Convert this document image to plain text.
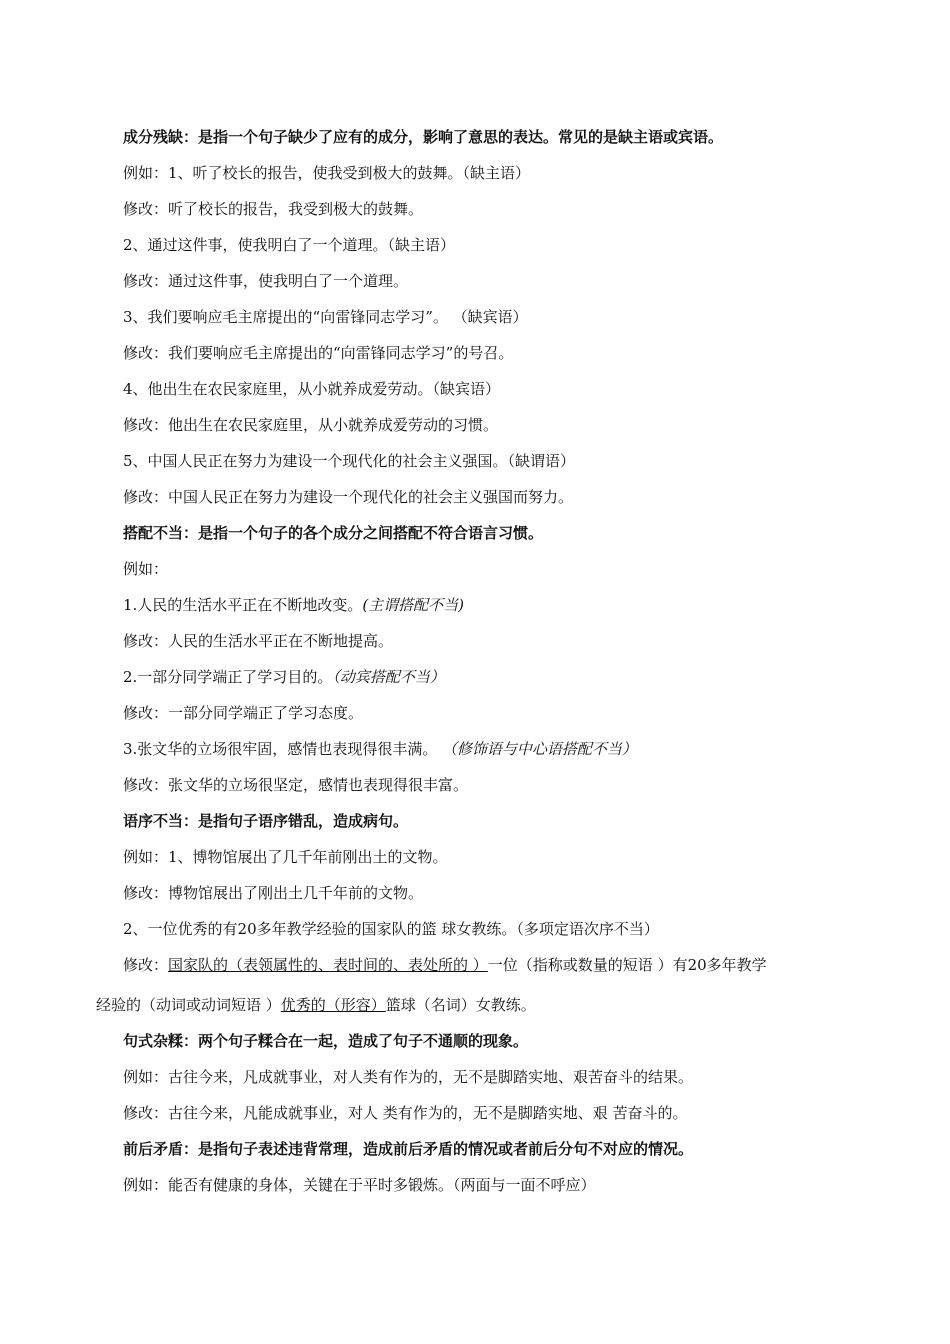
成分残缺：是指一个句子缺少了应有的成分，影响了意思的表达。常见的是缺主语或宾语。
例如：1、听了校长的报告，使我受到极大的鼓舞。（缺主语）
修改：听了校长的报告，我受到极大的鼓舞。
2、通过这件事，使我明白了一个道理。（缺主语）
修改：通过这件事，使我明白了一个道理。
3、我们要响应毛主席提出的“向雷锋同志学习”。 （缺宾语）
修改：我们要响应毛主席提出的“向雷锋同志学习”的号召。
4、他出生在农民家庭里，从小就养成爱劳动。（缺宾语）
修改：他出生在农民家庭里，从小就养成爱劳动的习惯。
5、中国人民正在努力为建设一个现代化的社会主义强国。（缺谓语）
修改：中国人民正在努力为建设一个现代化的社会主义强国而努力。
搭配不当：是指一个句子的各个成分之间搭配不符合语言习惯。
例如：
1.人民的生活水平正在不断地改变。(主谓搭配不当)
修改：人民的生活水平正在不断地提高。
2.一部分同学端正了学习目的。（动宾搭配不当）
修改：一部分同学端正了学习态度。
3.张文华的立场很牢固，感情也表现得很丰满。 （修饰语与中心语搭配不当）
修改：张文华的立场很坚定，感情也表现得很丰富。
语序不当：是指句子语序错乱，造成病句。
例如：1、博物馆展出了几千年前刚出土的文物。
修改：博物馆展出了刚出土几千年前的文物。
2、一位优秀的有20多年教学经验的国家队的篮 球女教练。（多项定语次序不当）
修改：国家队的（表领属性的、表时间的、表处所的 ）一位（指称或数量的短语 ）有20多年教学
经验的（动词或动词短语 ）优秀的（形容）篮球（名词）女教练。
句式杂糅：两个句子糅合在一起，造成了句子不通顺的现象。
例如：古往今来，凡成就事业，对人类有作为的，无不是脚踏实地、艰苦奋斗的结果。
修改：古往今来，凡能成就事业，对人 类有作为的，无不是脚踏实地、艰 苦奋斗的。
前后矛盾：是指句子表述违背常理，造成前后矛盾的情况或者前后分句不对应的情况。
例如：能否有健康的身体，关键在于平时多锻炼。（两面与一面不呼应）
